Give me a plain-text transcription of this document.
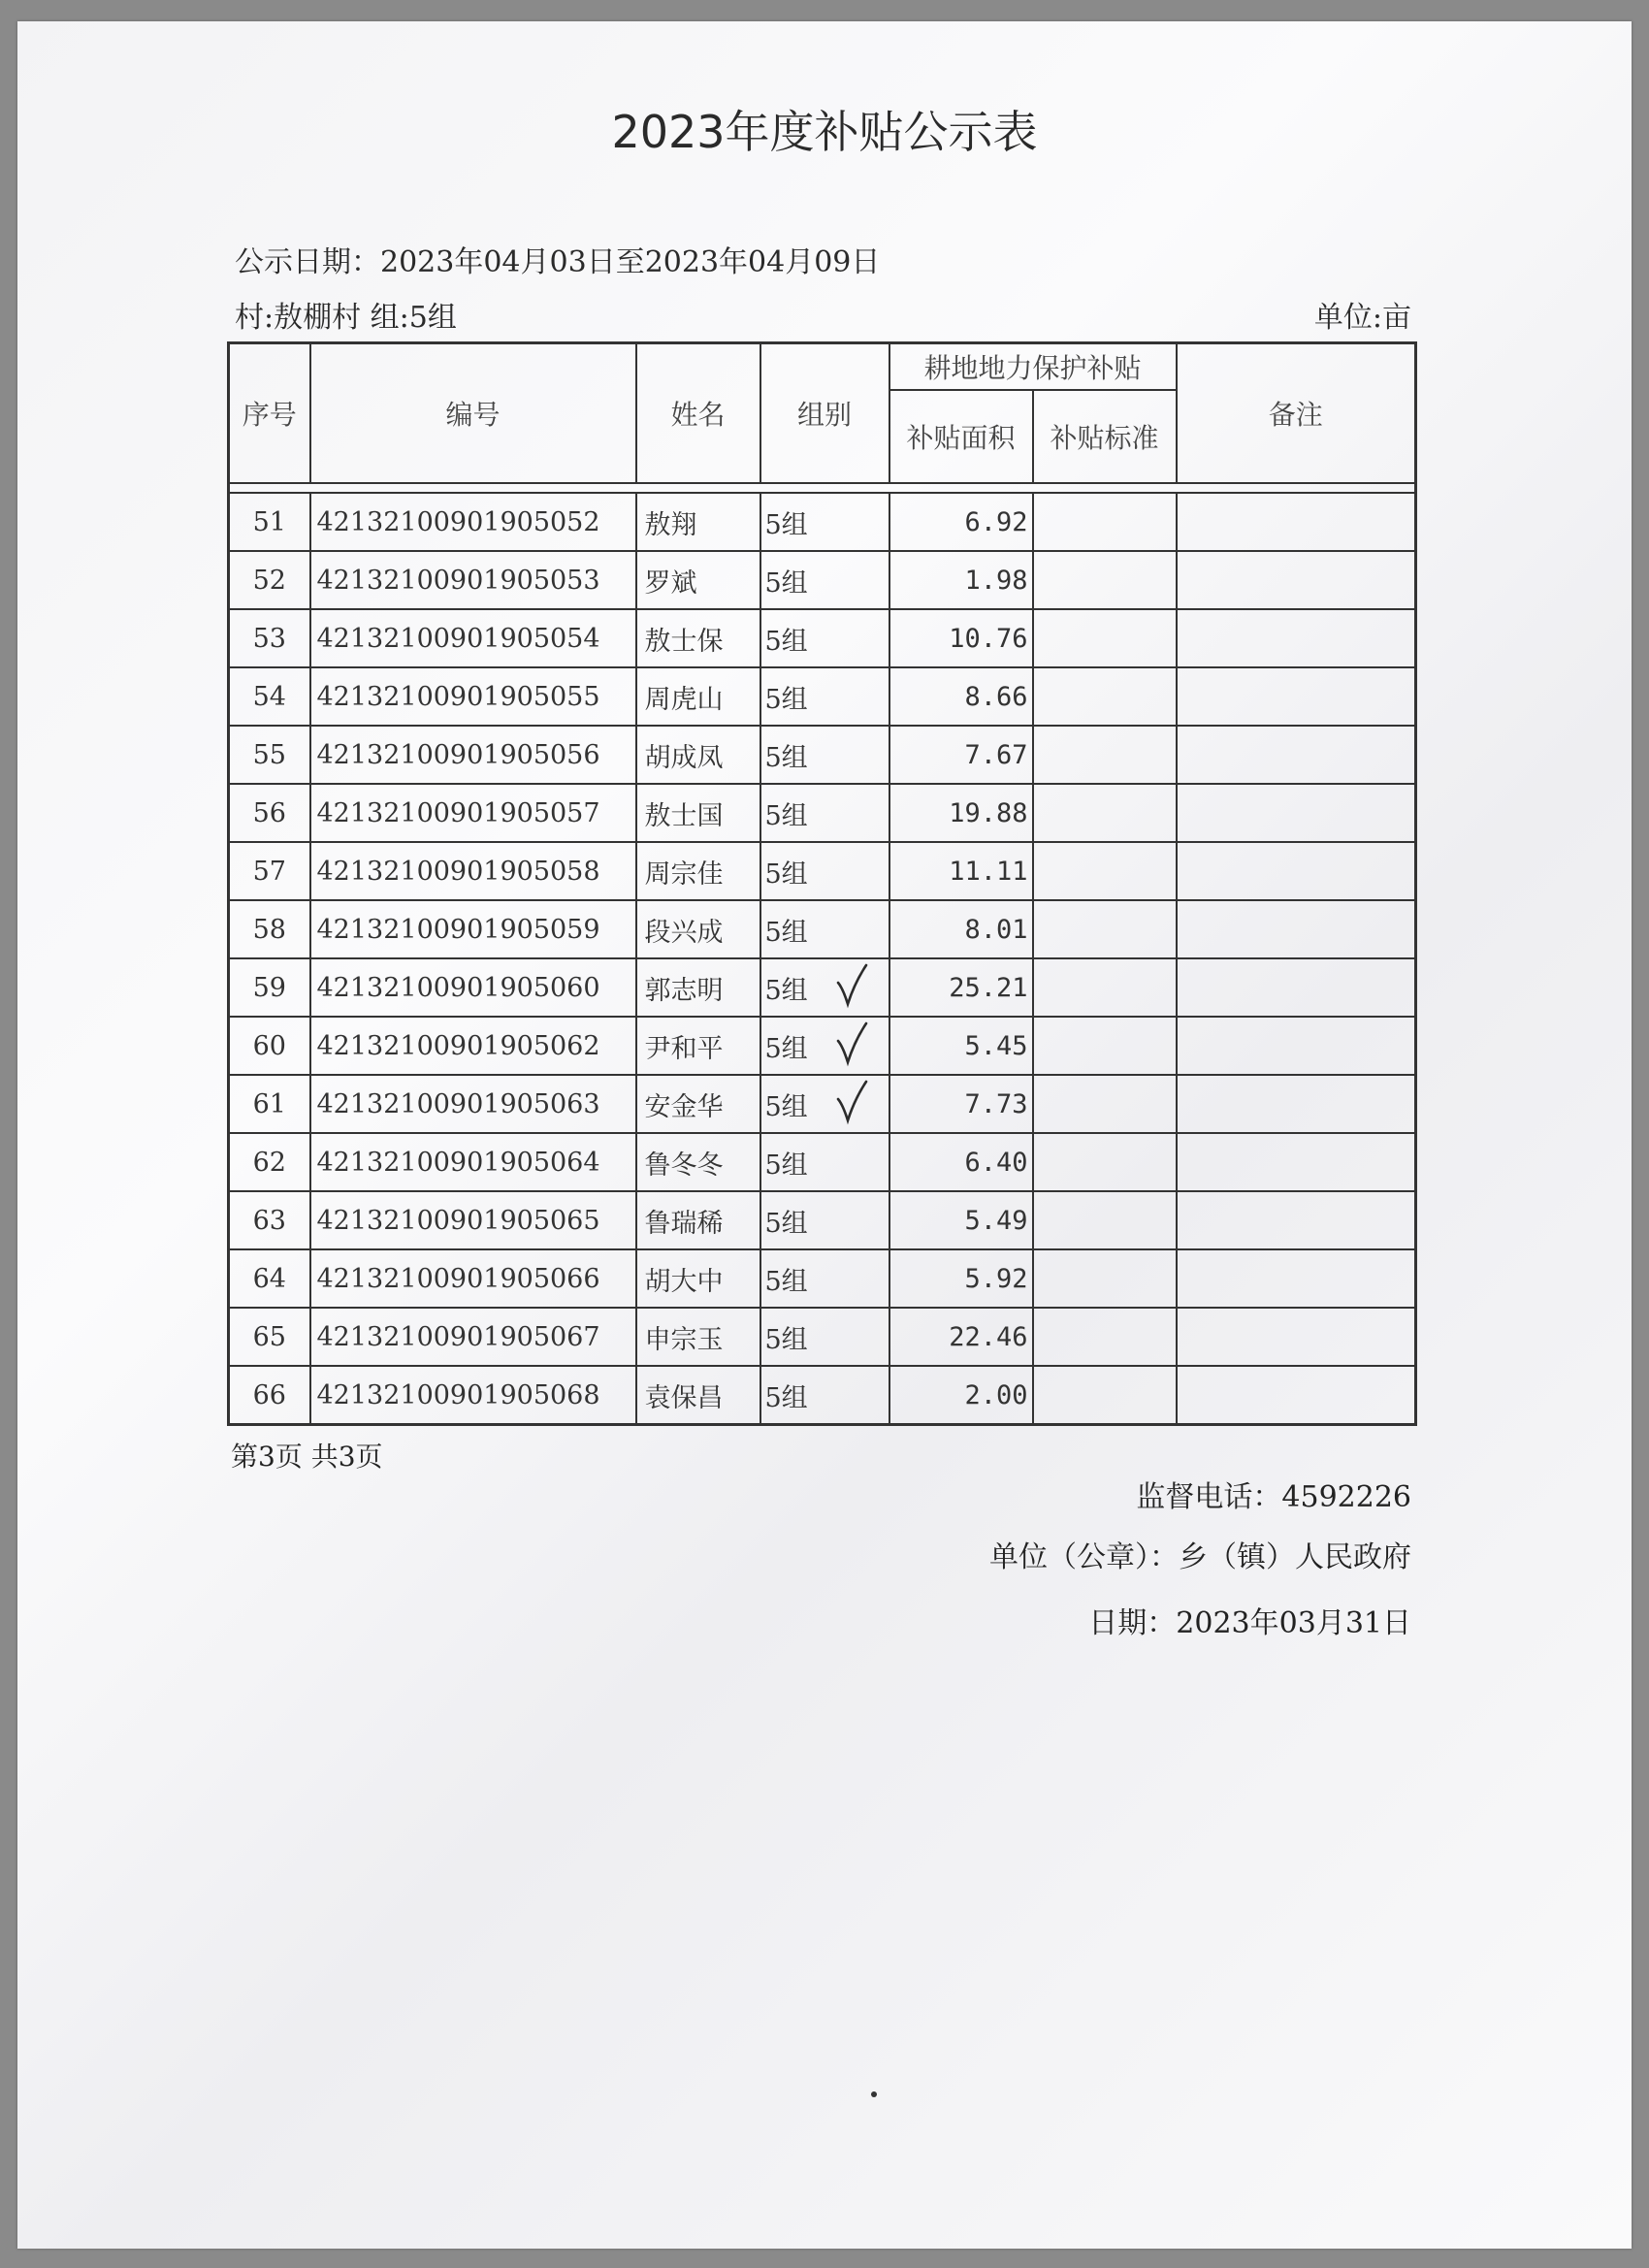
2023年度补贴公示表
公示日期：2023年04月03日至2023年04月09日
村:敖棚村 组:5组	单位:亩
序号	编号	姓名	组别	耕地地力保护补贴		备注
				补贴面积	补贴标准	

51	42132100901905052	敖翔	5组	6.92		
52	42132100901905053	罗斌	5组	1.98		
53	42132100901905054	敖士保	5组	10.76		
54	42132100901905055	周虎山	5组	8.66		
55	42132100901905056	胡成凤	5组	7.67		
56	42132100901905057	敖士国	5组	19.88		
57	42132100901905058	周宗佳	5组	11.11		
58	42132100901905059	段兴成	5组	8.01		
59	42132100901905060	郭志明	5组	25.21		
60	42132100901905062	尹和平	5组	5.45		
61	42132100901905063	安金华	5组	7.73		
62	42132100901905064	鲁冬冬	5组	6.40		
63	42132100901905065	鲁瑞稀	5组	5.49		
64	42132100901905066	胡大中	5组	5.92		
65	42132100901905067	申宗玉	5组	22.46		
66	42132100901905068	袁保昌	5组	2.00		
第3页 共3页
监督电话：4592226
单位（公章）：乡（镇）人民政府
日期：2023年03月31日
